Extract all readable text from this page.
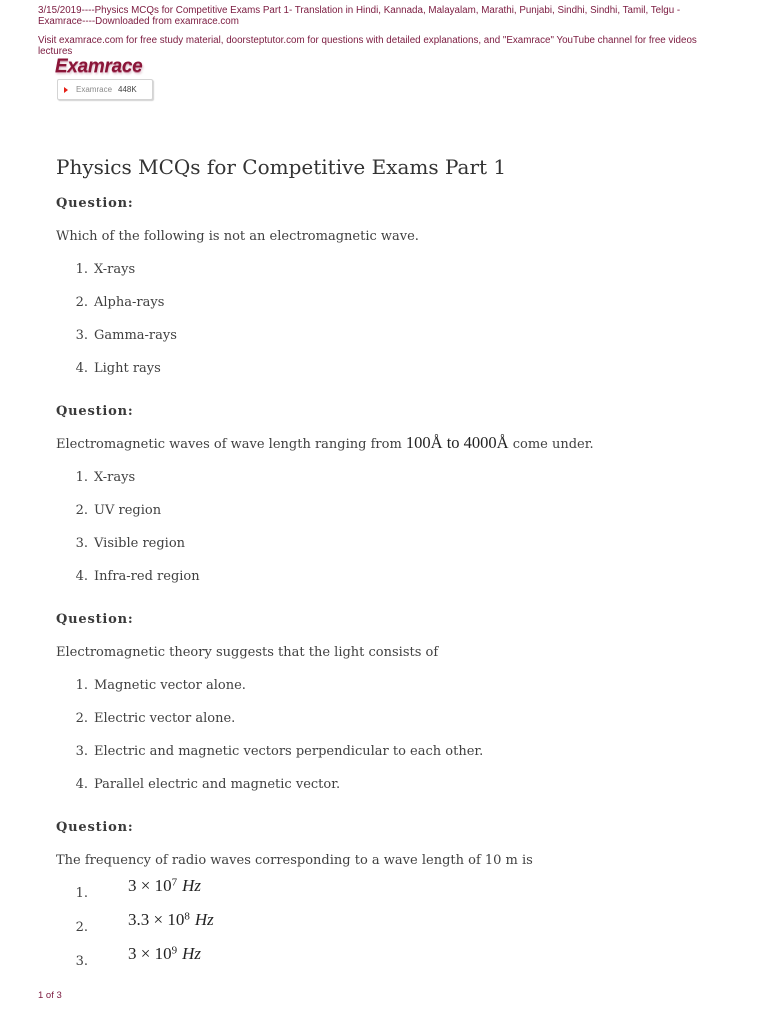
3/15/2019----Physics MCQs for Competitive Exams Part 1- Translation in Hindi, Kannada, Malayalam, Marathi, Punjabi, Sindhi, Sindhi, Tamil, Telgu - Examrace----Downloaded from examrace.com
Visit examrace.com for free study material, doorsteptutor.com for questions with detailed explanations, and "Examrace" YouTube channel for free videos lectures
Examrace
Examrace 448K
Physics MCQs for Competitive Exams Part 1
Question:
Which of the following is not an electromagnetic wave.
1. X-rays
2. Alpha-rays
3. Gamma-rays
4. Light rays
Question:
Electromagnetic waves of wave length ranging from 100Å to 4000Å come under.
1. X-rays
2. UV region
3. Visible region
4. Infra-red region
Question:
Electromagnetic theory suggests that the light consists of
1. Magnetic vector alone.
2. Electric vector alone.
3. Electric and magnetic vectors perpendicular to each other.
4. Parallel electric and magnetic vector.
Question:
The frequency of radio waves corresponding to a wave length of 10 m is
1.	$3 \times 10^7$ Hz
2.	$3.3 \times 10^8$ Hz
3.	$3 \times 10^9$ Hz
1 of 3
